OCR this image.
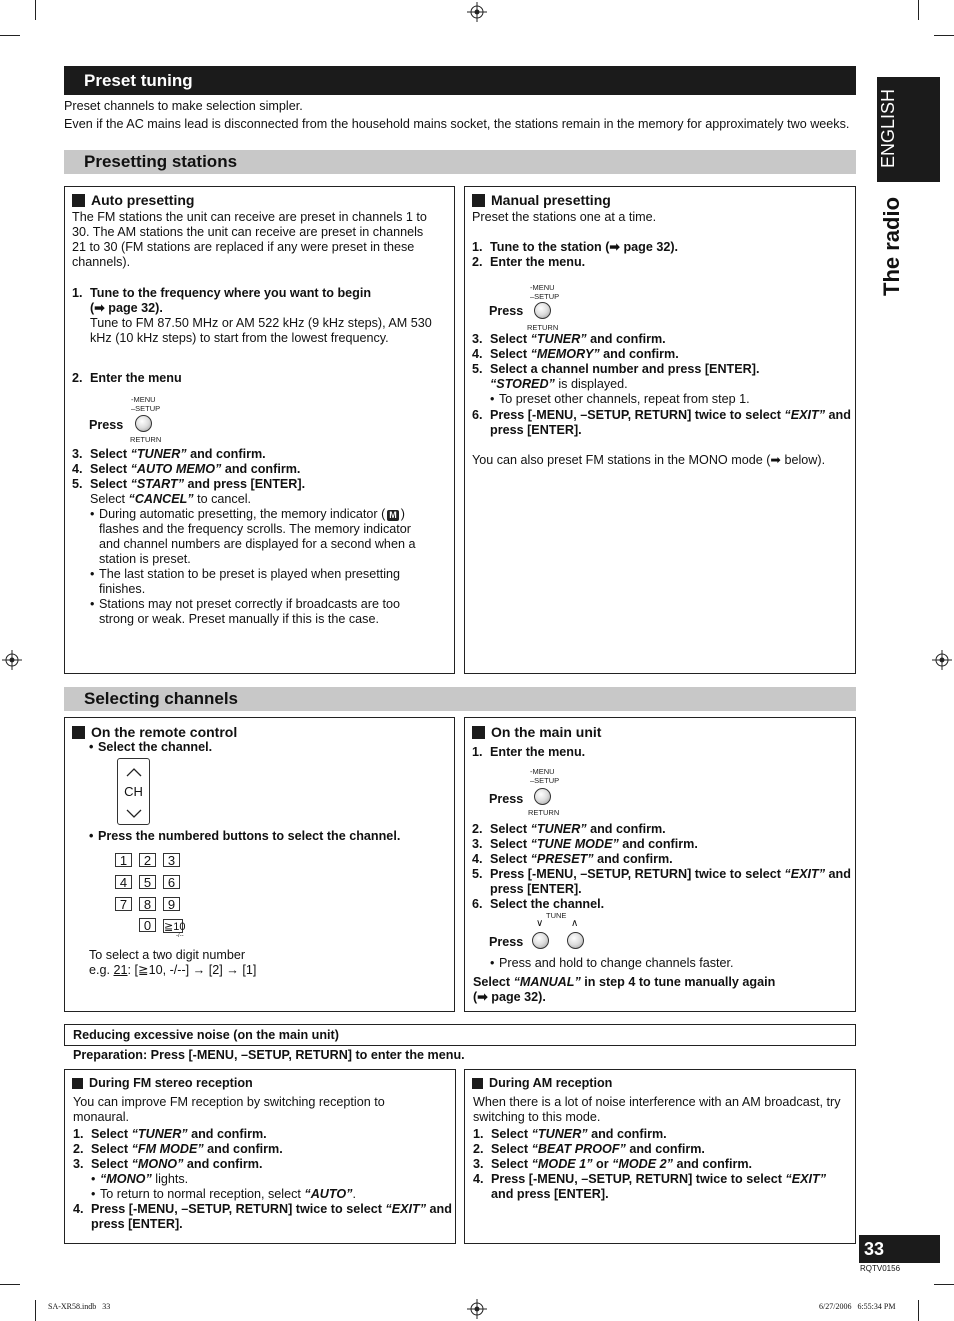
ENGLISH
The radio
33
RQTV0156
Preset tuning
Preset channels to make selection simpler.
Even if the AC mains lead is disconnected from the household mains socket, the stations remain in the memory for approximately two weeks.
Presetting stations
Auto presetting
The FM stations the unit can receive are preset in channels 1 to 30. The AM stations the unit can receive are preset in channels 21 to 30 (FM stations are replaced if any were preset in these channels).
1. Tune to the frequency where you want to begin
(➡ page 32).
Tune to FM 87.50 MHz or AM 522 kHz (9 kHz steps), AM 530 kHz (10 kHz steps) to start from the lowest frequency.
2. Enter the menu
-MENU
–SETUP
Press
RETURN
3. Select “TUNER” and confirm.
4. Select “AUTO MEMO” and confirm.
5. Select “START” and press [ENTER].
Select “CANCEL” to cancel.
• During automatic presetting, the memory indicator ( M ) flashes and the frequency scrolls. The memory indicator and channel numbers are displayed for a second when a station is preset.
• The last station to be preset is played when presetting finishes.
• Stations may not preset correctly if broadcasts are too strong or weak. Preset manually if this is the case.
Manual presetting
Preset the stations one at a time.
1. Tune to the station (➡ page 32).
2. Enter the menu.
-MENU
–SETUP
Press
RETURN
3. Select “TUNER” and confirm.
4. Select “MEMORY” and confirm.
5. Select a channel number and press [ENTER].
“STORED” is displayed.
• To preset other channels, repeat from step 1.
6. Press [-MENU, –SETUP, RETURN] twice to select “EXIT” and press [ENTER].
You can also preset FM stations in the MONO mode (➡ below).
Selecting channels
On the remote control
• Select the channel.
CH
• Press the numbered buttons to select the channel.
1 2 3
4 5 6
7 8 9
0 ≧10
-/--
To select a two digit number
e.g. 21: [≧10, -/--] → [2] → [1]
On the main unit
1. Enter the menu.
-MENU
–SETUP
Press
RETURN
2. Select “TUNER” and confirm.
3. Select “TUNE MODE” and confirm.
4. Select “PRESET” and confirm.
5. Press [-MENU, –SETUP, RETURN] twice to select “EXIT” and press [ENTER].
6. Select the channel.
TUNE
∨	∧
Press
• Press and hold to change channels faster.
Select “MANUAL” in step 4 to tune manually again
(➡ page 32).
Reducing excessive noise (on the main unit)
Preparation: Press [-MENU, –SETUP, RETURN] to enter the menu.
During FM stereo reception
You can improve FM reception by switching reception to monaural.
1. Select “TUNER” and confirm.
2. Select “FM MODE” and confirm.
3. Select “MONO” and confirm.
• “MONO” lights.
• To return to normal reception, select “AUTO”.
4. Press [-MENU, –SETUP, RETURN] twice to select “EXIT” and press [ENTER].
During AM reception
When there is a lot of noise interference with an AM broadcast, try switching to this mode.
1. Select “TUNER” and confirm.
2. Select “BEAT PROOF” and confirm.
3. Select “MODE 1” or “MODE 2” and confirm.
4. Press [-MENU, –SETUP, RETURN] twice to select “EXIT” and press [ENTER].
SA-XR58.indb   33	6/27/2006   6:55:34 PM
